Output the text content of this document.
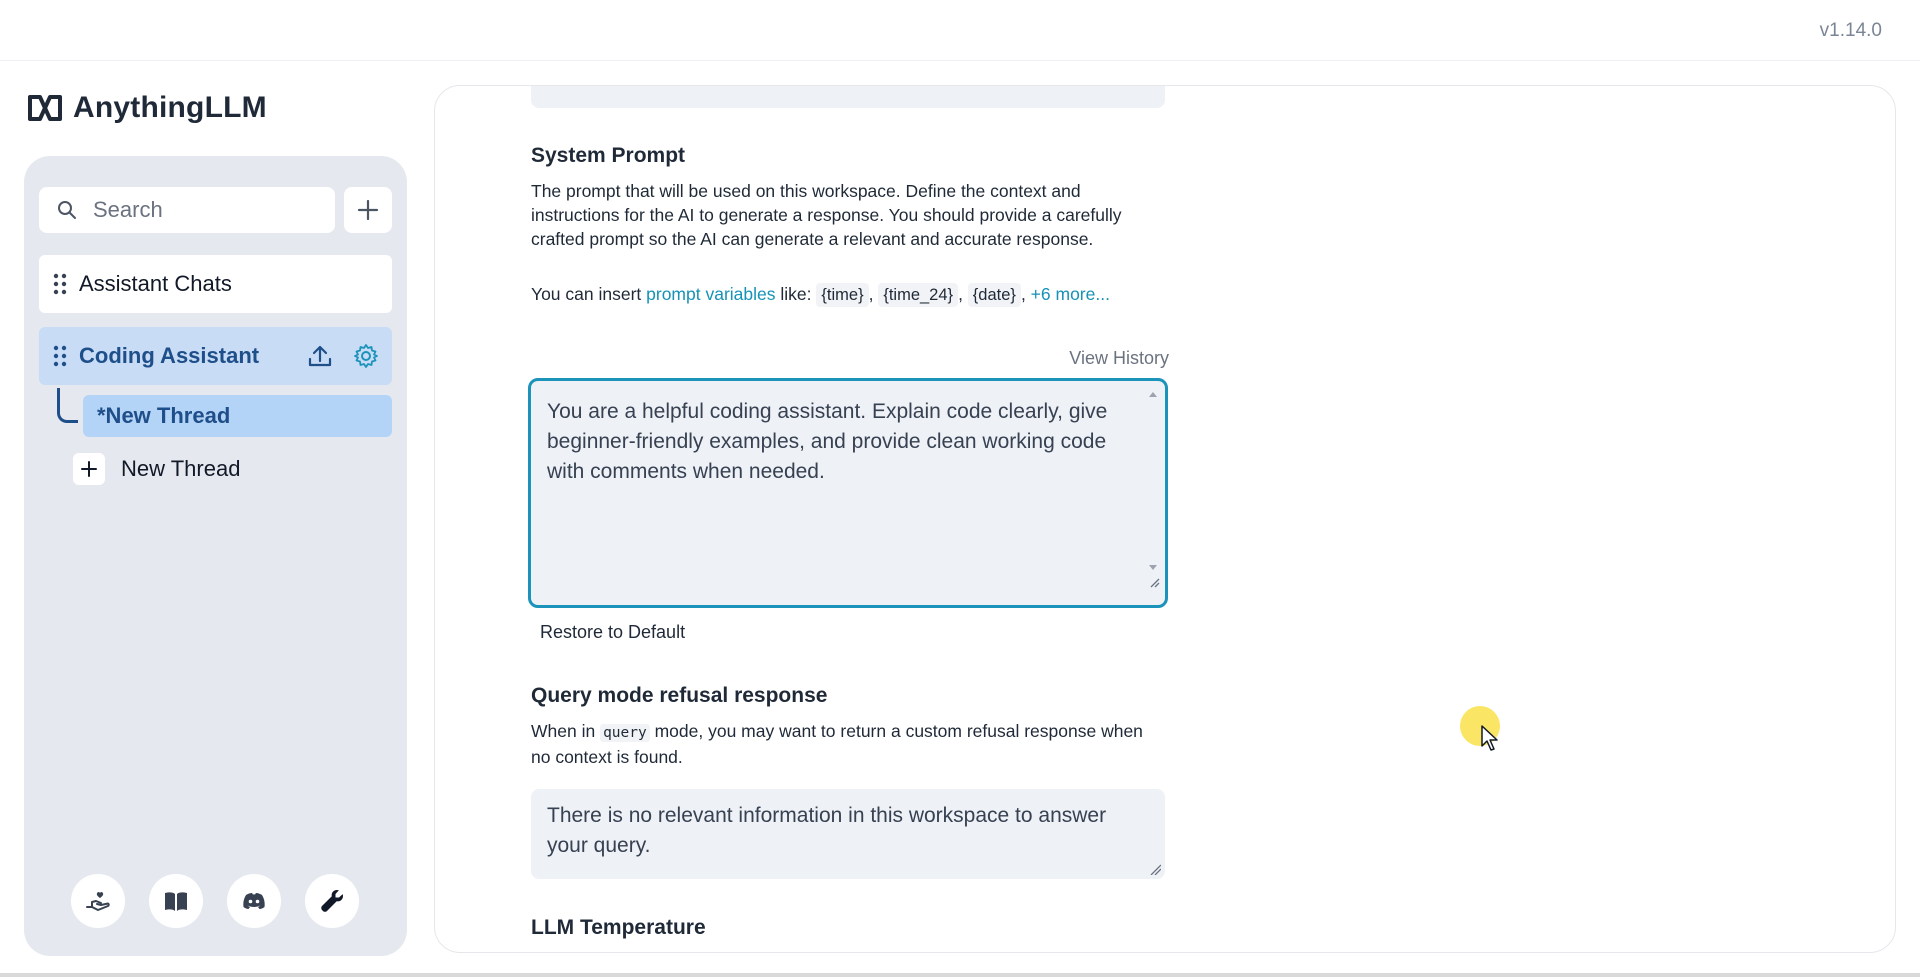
v1.14.0
AnythingLLM
Search
Assistant Chats
Coding Assistant
*New Thread
New Thread
System Prompt
The prompt that will be used on this workspace. Define the context and instructions for the AI to generate a response. You should provide a carefully crafted prompt so the AI can generate a relevant and accurate response.
You can insert prompt variables like: {time} , {time_24} , {date} , +6 more...
View History
You are a helpful coding assistant. Explain code clearly, give beginner-friendly examples, and provide clean working code with comments when needed.
Restore to Default
Query mode refusal response
When in query mode, you may want to return a custom refusal response when no context is found.
There is no relevant information in this workspace to answer your query.
LLM Temperature
